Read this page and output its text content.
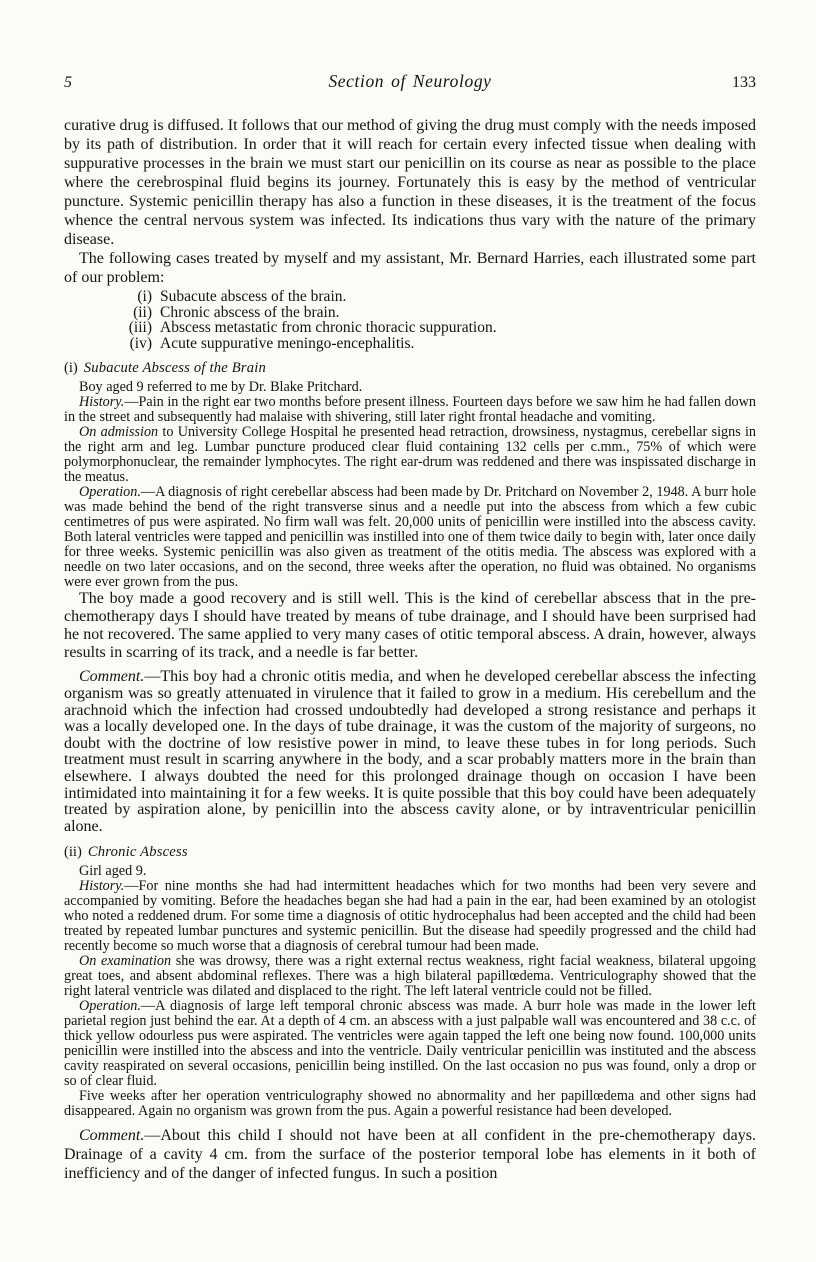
5	Section of Neurology	133

curative drug is diffused. It follows that our method of giving the drug must comply with the needs imposed by its path of distribution. In order that it will reach for certain every infected tissue when dealing with suppurative processes in the brain we must start our penicillin on its course as near as possible to the place where the cerebrospinal fluid begins its journey. Fortunately this is easy by the method of ventricular puncture. Systemic penicillin therapy has also a function in these diseases, it is the treatment of the focus whence the central nervous system was infected. Its indications thus vary with the nature of the primary disease.

The following cases treated by myself and my assistant, Mr. Bernard Harries, each illustrated some part of our problem:

(i) Subacute abscess of the brain.
(ii) Chronic abscess of the brain.
(iii) Abscess metastatic from chronic thoracic suppuration.
(iv) Acute suppurative meningo-encephalitis.

(i) Subacute Abscess of the Brain

Boy aged 9 referred to me by Dr. Blake Pritchard.

History.—Pain in the right ear two months before present illness. Fourteen days before we saw him he had fallen down in the street and subsequently had malaise with shivering, still later right frontal headache and vomiting.

On admission to University College Hospital he presented head retraction, drowsiness, nystagmus, cerebellar signs in the right arm and leg. Lumbar puncture produced clear fluid containing 132 cells per c.mm., 75% of which were polymorphonuclear, the remainder lymphocytes. The right ear-drum was reddened and there was inspissated discharge in the meatus.

Operation.—A diagnosis of right cerebellar abscess had been made by Dr. Pritchard on November 2, 1948. A burr hole was made behind the bend of the right transverse sinus and a needle put into the abscess from which a few cubic centimetres of pus were aspirated. No firm wall was felt. 20,000 units of penicillin were instilled into the abscess cavity. Both lateral ventricles were tapped and penicillin was instilled into one of them twice daily to begin with, later once daily for three weeks. Systemic penicillin was also given as treatment of the otitis media. The abscess was explored with a needle on two later occasions, and on the second, three weeks after the operation, no fluid was obtained. No organisms were ever grown from the pus.

The boy made a good recovery and is still well. This is the kind of cerebellar abscess that in the pre-chemotherapy days I should have treated by means of tube drainage, and I should have been surprised had he not recovered. The same applied to very many cases of otitic temporal abscess. A drain, however, always results in scarring of its track, and a needle is far better.

Comment.—This boy had a chronic otitis media, and when he developed cerebellar abscess the infecting organism was so greatly attenuated in virulence that it failed to grow in a medium. His cerebellum and the arachnoid which the infection had crossed undoubtedly had developed a strong resistance and perhaps it was a locally developed one. In the days of tube drainage, it was the custom of the majority of surgeons, no doubt with the doctrine of low resistive power in mind, to leave these tubes in for long periods. Such treatment must result in scarring anywhere in the body, and a scar probably matters more in the brain than elsewhere. I always doubted the need for this prolonged drainage though on occasion I have been intimidated into maintaining it for a few weeks. It is quite possible that this boy could have been adequately treated by aspiration alone, by penicillin into the abscess cavity alone, or by intraventricular penicillin alone.

(ii) Chronic Abscess

Girl aged 9.

History.—For nine months she had had intermittent headaches which for two months had been very severe and accompanied by vomiting. Before the headaches began she had had a pain in the ear, had been examined by an otologist who noted a reddened drum. For some time a diagnosis of otitic hydrocephalus had been accepted and the child had been treated by repeated lumbar punctures and systemic penicillin. But the disease had speedily progressed and the child had recently become so much worse that a diagnosis of cerebral tumour had been made.

On examination she was drowsy, there was a right external rectus weakness, right facial weakness, bilateral upgoing great toes, and absent abdominal reflexes. There was a high bilateral papillœdema. Ventriculography showed that the right lateral ventricle was dilated and displaced to the right. The left lateral ventricle could not be filled.

Operation.—A diagnosis of large left temporal chronic abscess was made. A burr hole was made in the lower left parietal region just behind the ear. At a depth of 4 cm. an abscess with a just palpable wall was encountered and 38 c.c. of thick yellow odourless pus were aspirated. The ventricles were again tapped the left one being now found. 100,000 units penicillin were instilled into the abscess and into the ventricle. Daily ventricular penicillin was instituted and the abscess cavity reaspirated on several occasions, penicillin being instilled. On the last occasion no pus was found, only a drop or so of clear fluid.

Five weeks after her operation ventriculography showed no abnormality and her papillœdema and other signs had disappeared. Again no organism was grown from the pus. Again a powerful resistance had been developed.

Comment.—About this child I should not have been at all confident in the pre-chemotherapy days. Drainage of a cavity 4 cm. from the surface of the posterior temporal lobe has elements in it both of inefficiency and of the danger of infected fungus. In such a position
